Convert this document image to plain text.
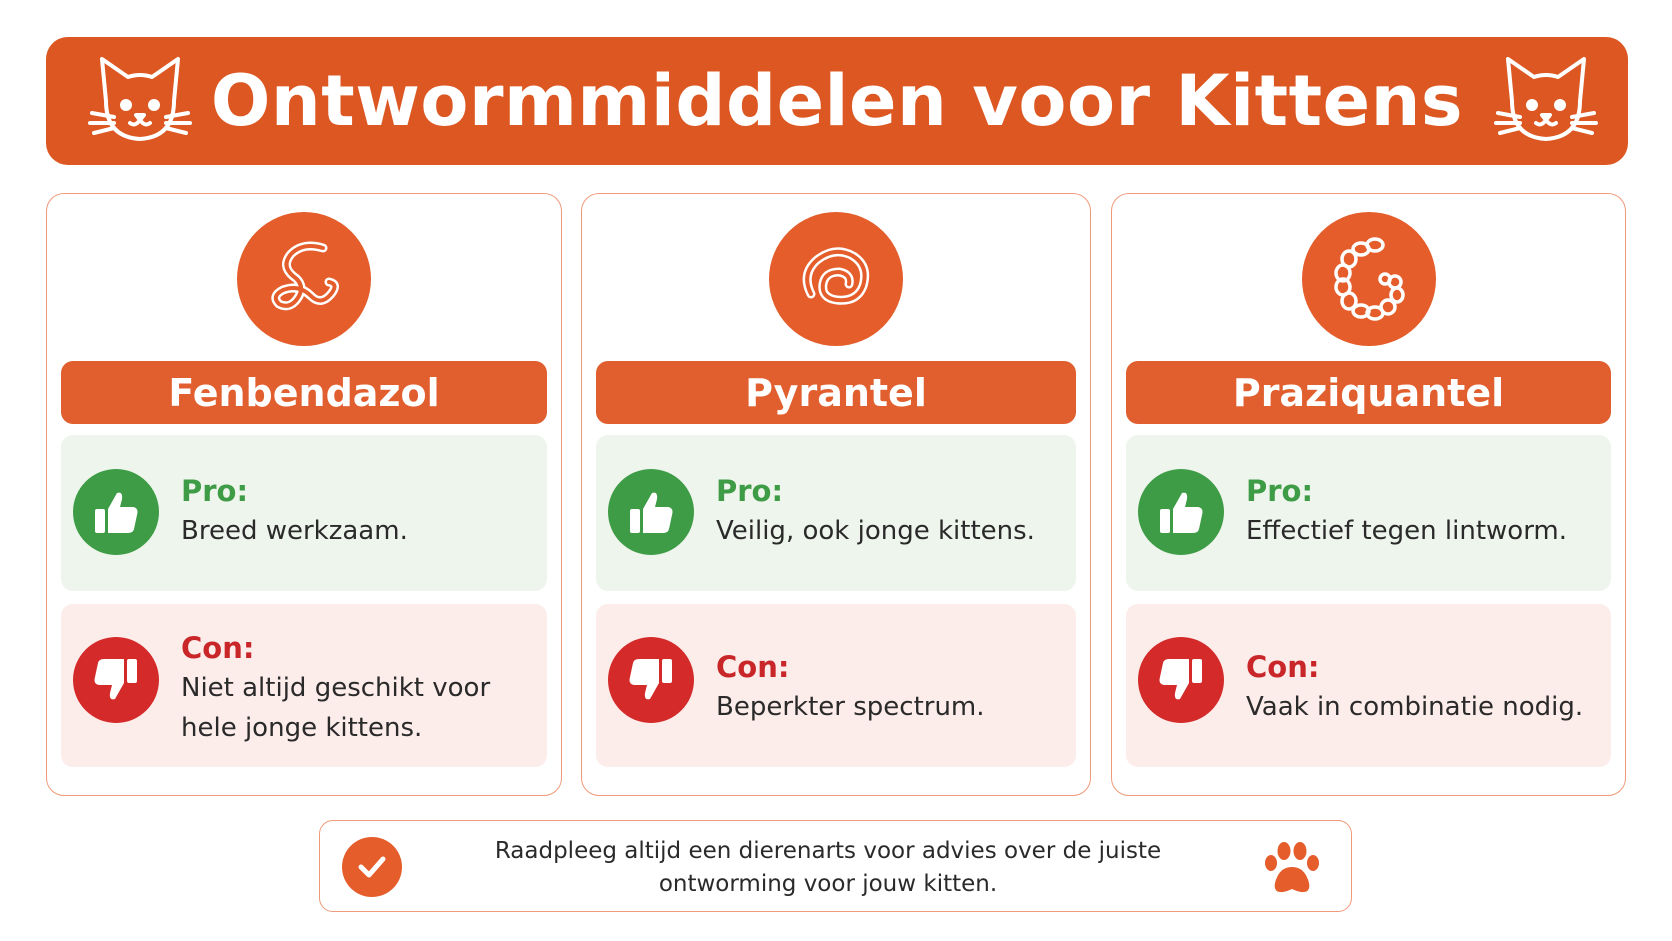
Ontwormmiddelen voor Kittens
Fenbendazol
Pro:
Breed werkzaam.
Con:
Niet altijd geschikt voor hele jonge kittens.
Pyrantel
Pro:
Veilig, ook jonge kittens.
Con:
Beperkter spectrum.
Praziquantel
Pro:
Effectief tegen lintworm.
Con:
Vaak in combinatie nodig.
Raadpleeg altijd een dierenarts voor advies over de juiste ontworming voor jouw kitten.
